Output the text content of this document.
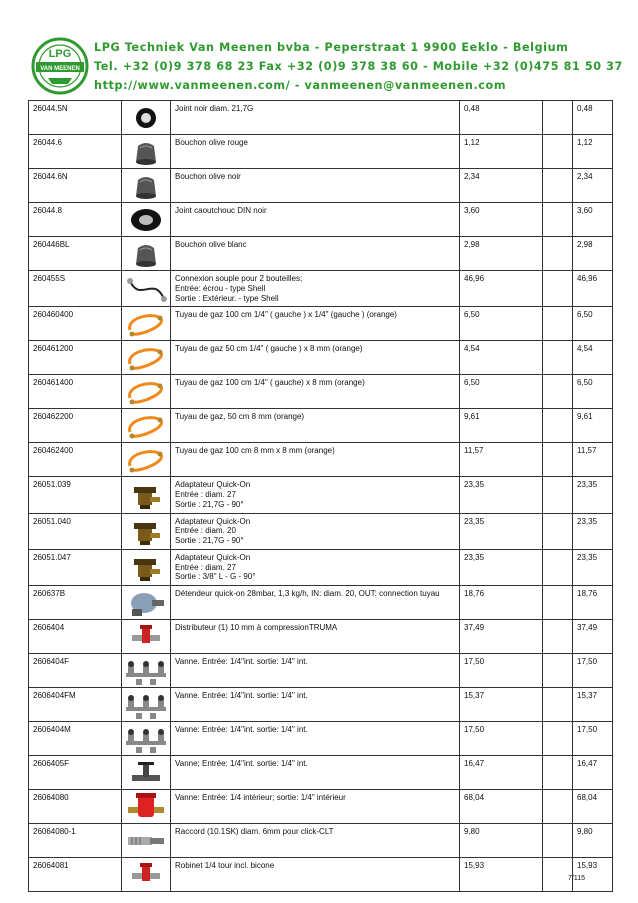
LPG
VAN MEENEN
LPG Techniek Van Meenen bvba - Peperstraat 1 9900 Eeklo - Belgium
Tel. +32 (0)9 378 68 23 Fax +32 (0)9 378 38 60 - Mobile +32 (0)475 81 50 37
http://www.vanmeenen.com/ - vanmeenen@vanmeenen.com
26044.5N		Joint noir diam. 21,7G	0,48		0,48
26044.6		Bouchon olive rouge	1,12		1,12
26044.6N		Bouchon olive noir	2,34		2,34
26044.8		Joint caoutchouc DIN noir	3,60		3,60
260446BL		Bouchon olive blanc	2,98		2,98
260455S		Connexion souple pour 2 bouteilles;
Entrée: écrou - type Shell
Sortie : Extérieur. - type Shell	46,96		46,96
260460400		Tuyau de gaz 100 cm 1/4" ( gauche ) x 1/4" (gauche ) (orange)	6,50		6,50
260461200		Tuyau de gaz 50 cm 1/4" ( gauche ) x 8 mm (orange)	4,54		4,54
260461400		Tuyau de gaz 100 cm 1/4" ( gauche) x 8 mm (orange)	6,50		6,50
260462200		Tuyau de gaz, 50 cm 8 mm (orange)	9,61		9,61
260462400		Tuyau de gaz 100 cm 8 mm x 8 mm (orange)	11,57		11,57
26051.039		Adaptateur Quick-On
Entrée : diam. 27
Sortie : 21,7G - 90°	23,35		23,35
26051.040		Adaptateur Quick-On
Entrée : diam. 20
Sortie : 21,7G - 90°	23,35		23,35
26051.047		Adaptateur Quick-On
Entrée : diam. 27
Sortie : 3/8" L - G - 90°	23,35		23,35
260637B		Détendeur quick-on 28mbar, 1,3 kg/h, IN: diam. 20, OUT: connection tuyau	18,76		18,76
2606404		Distributeur (1) 10 mm à compressionTRUMA	37,49		37,49
2606404F		Vanne. Entrée: 1/4"int. sortie: 1/4" int.	17,50		17,50
2606404FM		Vanne. Entrée: 1/4"int. sortie: 1/4" int.	15,37		15,37
2606404M		Vanne: Entrée: 1/4"int. sortie: 1/4" int.	17,50		17,50
2606405F		Vanne; Entrée: 1/4"int. sortie: 1/4" int.	16,47		16,47
26064080		Vanne: Entrée: 1/4 intérieur; sortie: 1/4" intérieur	68,04		68,04
26064080-1		Raccord (10.1SK) diam. 6mm pour click-CLT	9,80		9,80
26064081		Robinet 1/4 tour incl. bicone	15,93		15,93
7/115
